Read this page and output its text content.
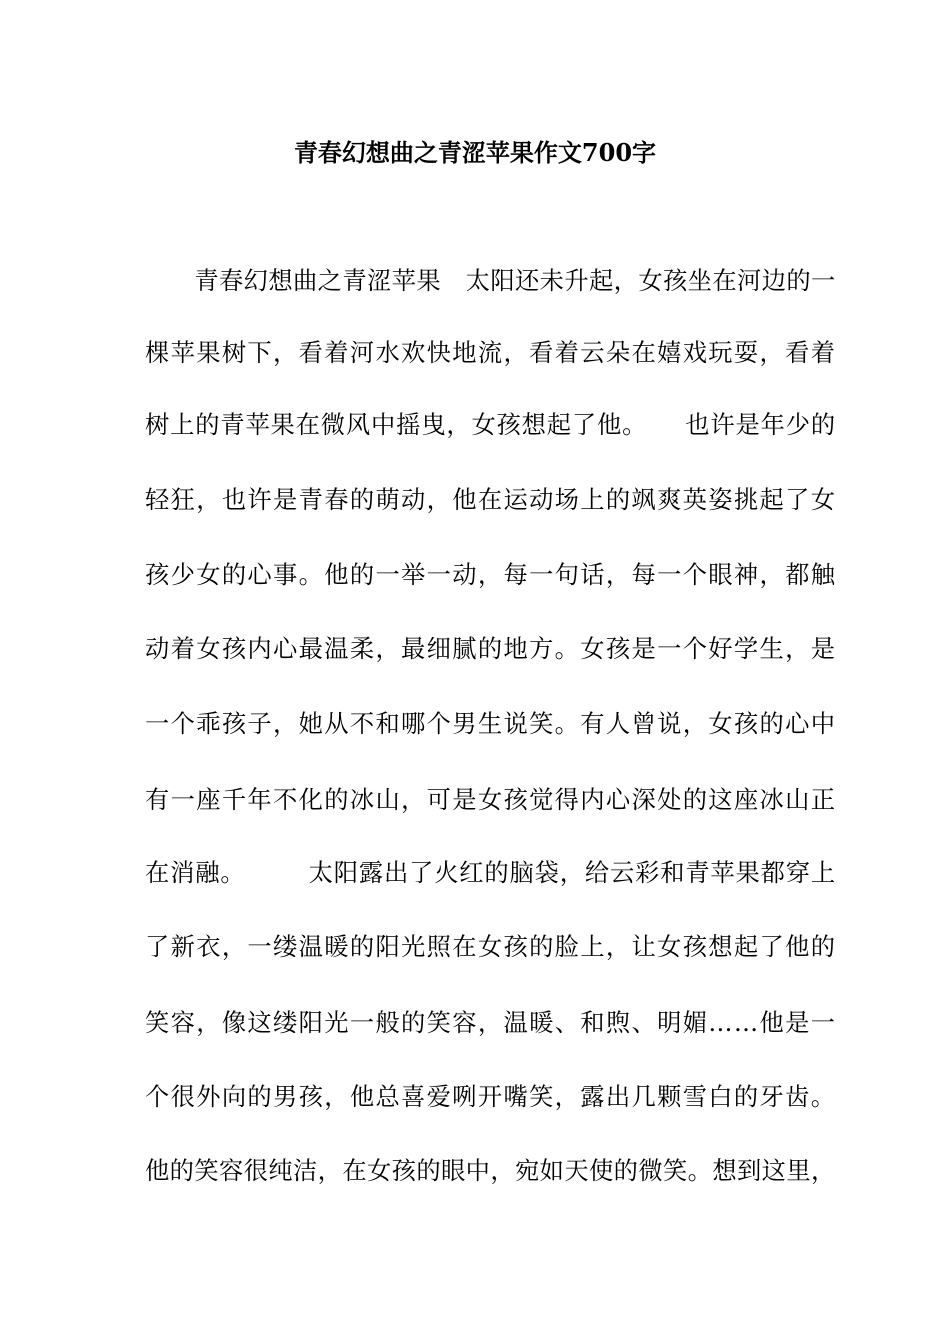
青春幻想曲之青涩苹果作文700字
　　青春幻想曲之青涩苹果　太阳还未升起，女孩坐在河边的一
棵苹果树下，看着河水欢快地流，看着云朵在嬉戏玩耍，看着
树上的青苹果在微风中摇曳，女孩想起了他。　　也许是年少的
轻狂，也许是青春的萌动，他在运动场上的飒爽英姿挑起了女
孩少女的心事。他的一举一动，每一句话，每一个眼神，都触
动着女孩内心最温柔，最细腻的地方。女孩是一个好学生，是
一个乖孩子，她从不和哪个男生说笑。有人曾说，女孩的心中
有一座千年不化的冰山，可是女孩觉得内心深处的这座冰山正
在消融。　　　太阳露出了火红的脑袋，给云彩和青苹果都穿上
了新衣，一缕温暖的阳光照在女孩的脸上，让女孩想起了他的
笑容，像这缕阳光一般的笑容，温暖、和煦、明媚……他是一
个很外向的男孩，他总喜爱咧开嘴笑，露出几颗雪白的牙齿。
他的笑容很纯洁，在女孩的眼中，宛如天使的微笑。想到这里，
